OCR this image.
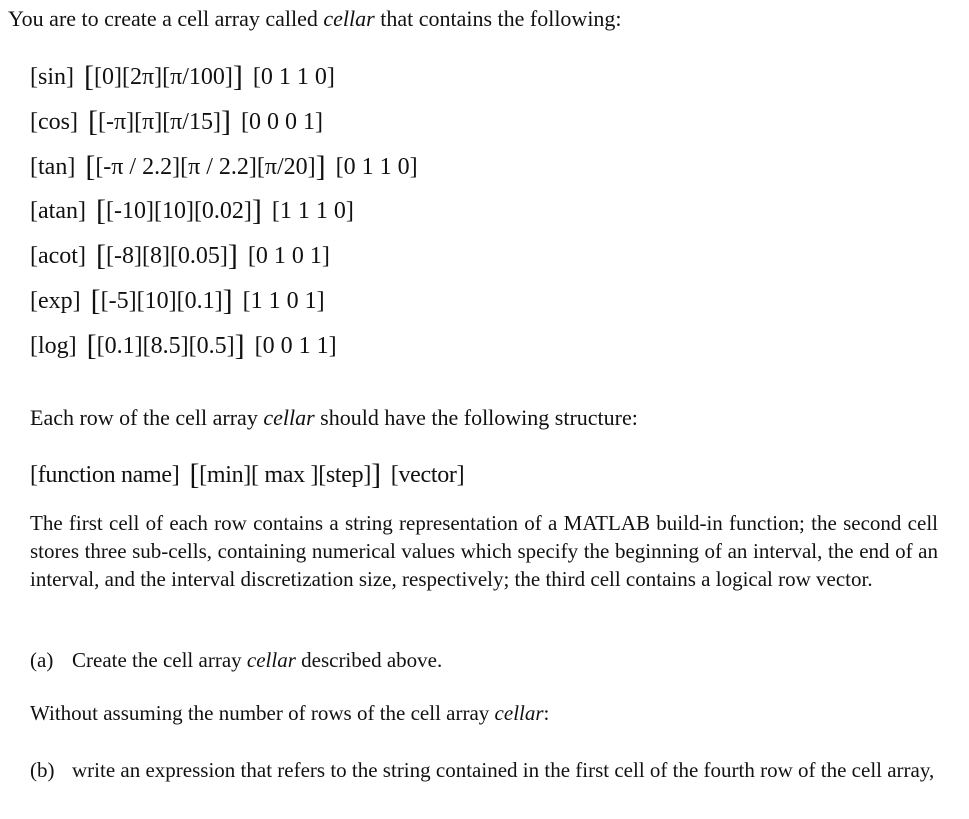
You are to create a cell array called cellar that contains the following:
[sin] [[0][2π][π/100]] [0 1 1 0]
[cos] [[-π][π][π/15]] [0 0 0 1]
[tan] [[-π / 2.2][π / 2.2][π/20]] [0 1 1 0]
[atan] [[-10][10][0.02]] [1 1 1 0]
[acot] [[-8][8][0.05]] [0 1 0 1]
[exp] [[-5][10][0.1]] [1 1 0 1]
[log] [[0.1][8.5][0.5]] [0 0 1 1]
Each row of the cell array cellar should have the following structure:
[function name] [[min][ max ][step]] [vector]
The first cell of each row contains a string representation of a MATLAB build-in function; the second cell stores three sub-cells, containing numerical values which specify the beginning of an interval, the end of an interval, and the interval discretization size, respectively; the third cell contains a logical row vector.
(a) Create the cell array cellar described above.
Without assuming the number of rows of the cell array cellar:
(b) write an expression that refers to the string contained in the first cell of the fourth row of the cell array,
